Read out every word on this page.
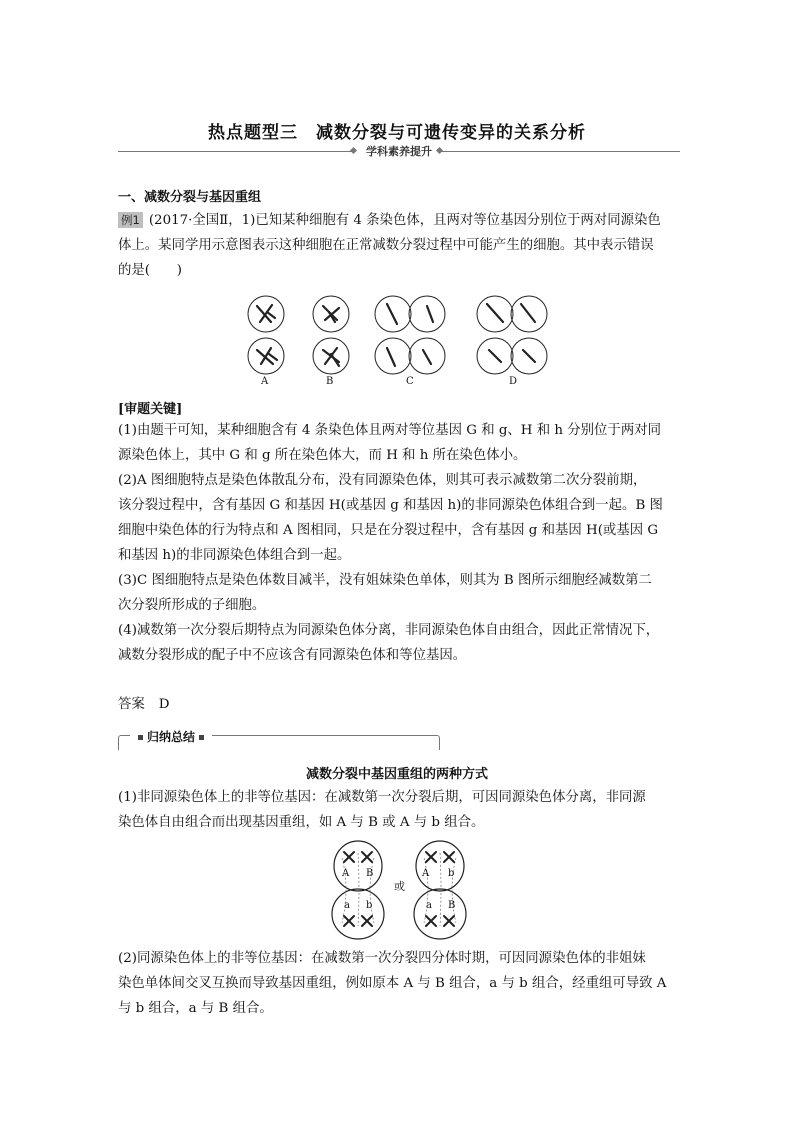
热点题型三　减数分裂与可遗传变异的关系分析
学科素养提升
一、减数分裂与基因重组
例1 (2017·全国Ⅱ，1)已知某种细胞有 4 条染色体，且两对等位基因分别位于两对同源染色
体上。某同学用示意图表示这种细胞在正常减数分裂过程中可能产生的细胞。其中表示错误
的是(　　)
A	B	C	D
[审题关键]
(1)由题干可知，某种细胞含有 4 条染色体且两对等位基因 G 和 g、H 和 h 分别位于两对同
源染色体上，其中 G 和 g 所在染色体大，而 H 和 h 所在染色体小。
(2)A 图细胞特点是染色体散乱分布，没有同源染色体，则其可表示减数第二次分裂前期，
该分裂过程中，含有基因 G 和基因 H(或基因 g 和基因 h)的非同源染色体组合到一起。B 图
细胞中染色体的行为特点和 A 图相同，只是在分裂过程中，含有基因 g 和基因 H(或基因 G
和基因 h)的非同源染色体组合到一起。
(3)C 图细胞特点是染色体数目减半，没有姐妹染色单体，则其为 B 图所示细胞经减数第二
次分裂所形成的子细胞。
(4)减数第一次分裂后期特点为同源染色体分离，非同源染色体自由组合，因此正常情况下，
减数分裂形成的配子中不应该含有同源染色体和等位基因。
答案 D
归纳总结
减数分裂中基因重组的两种方式
(1)非同源染色体上的非等位基因：在减数第一次分裂后期，可因同源染色体分离，非同源
染色体自由组合而出现基因重组，如 A 与 B 或 A 与 b 组合。
A B	A b
a b	a B
或
(2)同源染色体上的非等位基因：在减数第一次分裂四分体时期，可因同源染色体的非姐妹
染色单体间交叉互换而导致基因重组，例如原本 A 与 B 组合，a 与 b 组合，经重组可导致 A
与 b 组合，a 与 B 组合。
